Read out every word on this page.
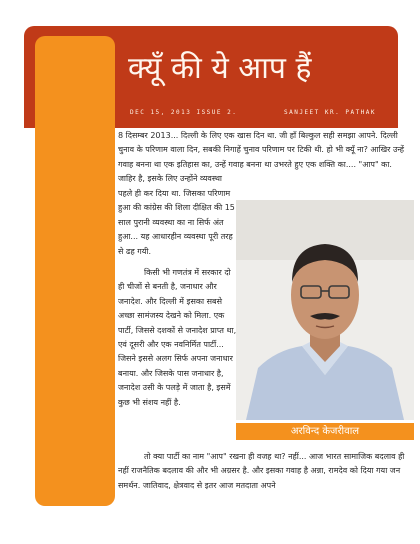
क्यूँ की ये आप हैं
DEC 15, 2013 ISSUE 2.	SANJEET KR. PATHAK
8 दिसम्बर 2013... दिल्ली के लिए एक खास दिन था. जी हाँ बिल्कुल सही समझा आपने. दिल्ली चुनाव के परिणाम वाला दिन, सबकी निगाहें चुनाव परिणाम पर टिकी थी. हो भी क्यूँ ना? आखिर उन्हें गवाह बनना था एक इतिहास का, उन्हें गवाह बनना था उभरते हुए एक शक्ति का.... "आप" का. जाहिर है, इसके लिए उन्होंने व्यवस्था
पहले ही कर दिया था. जिसका परिणाम हुआ की कांग्रेस की शिला दीक्षित की 15 साल पुरानी व्यवस्था का ना सिर्फ अंत हुआ... यह आधारहीन व्यवस्था पूरी तरह से ढह गयी.
किसी भी गणतंत्र में सरकार दो ही चीजों से बनती है, जनाधार और जनादेश. और दिल्ली में इसका सबसे अच्छा सामंजस्य देखने को मिला. एक पार्टी, जिससे दशकों से जनादेश प्राप्त था, एवं दूसरी और एक नवनिर्मित पार्टी... जिसने इससे अलग सिर्फ अपना जनाधार बनाया. और जिसके पास जनाधार है, जनादेश उसी के पलड़े में जाता है, इसमें कुछ भी संशय नहीं है.
अरविन्द केजरीवाल
तो क्या पार्टी का नाम "आप" रखना ही वजह था? नहीं... आज भारत सामाजिक बदलाव ही नहीं राजनैतिक बदलाव की और भी अग्रसर है. और इसका गवाह है अन्ना, रामदेव को दिया गया जन समर्थन. जातिवाद, क्षेत्रवाद से इतर आज मतदाता अपने
